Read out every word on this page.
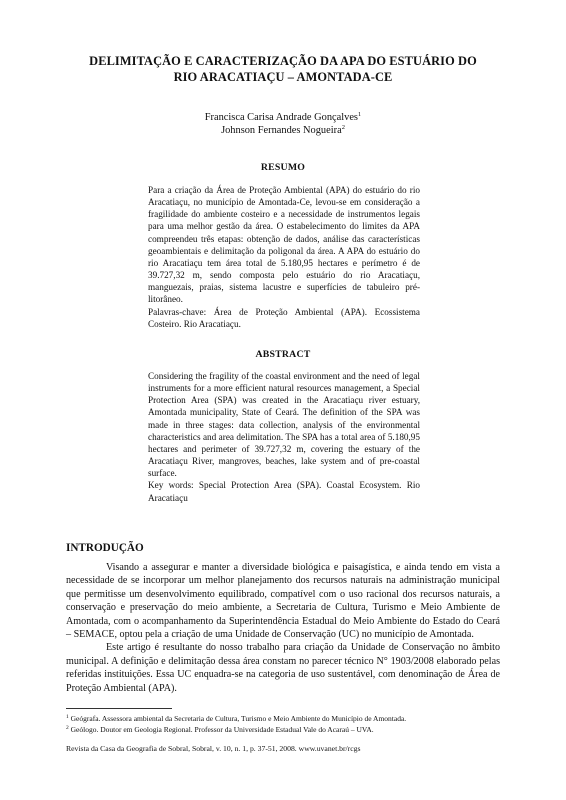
DELIMITAÇÃO E CARACTERIZAÇÃO DA APA DO ESTUÁRIO DO
RIO ARACATIAÇU – AMONTADA-CE
Francisca Carisa Andrade Gonçalves$^1$
Johnson Fernandes Nogueira$^2$
RESUMO

Para a criação da Área de Proteção Ambiental (APA) do estuário do rio Aracatiaçu, no município de Amontada-Ce, levou-se em consideração a fragilidade do ambiente costeiro e a necessidade de instrumentos legais para uma melhor gestão da área. O estabelecimento do limites da APA compreendeu três etapas: obtenção de dados, análise das características geoambientais e delimitação da poligonal da área. A APA do estuário do rio Aracatiaçu tem área total de 5.180,95 hectares e perímetro é de 39.727,32 m, sendo composta pelo estuário do rio Aracatiaçu, manguezais, praias, sistema lacustre e superfícies de tabuleiro pré-litorâneo.

Palavras-chave: Área de Proteção Ambiental (APA). Ecossistema Costeiro. Rio Aracatiaçu.

ABSTRACT

Considering the fragility of the coastal environment and the need of legal instruments for a more efficient natural resources management, a Special Protection Area (SPA) was created in the Aracatiaçu river estuary, Amontada municipality, State of Ceará. The definition of the SPA was made in three stages: data collection, analysis of the environmental characteristics and area delimitation. The SPA has a total area of 5.180,95 hectares and perimeter of 39.727,32 m, covering the estuary of the Aracatiaçu River, mangroves, beaches, lake system and of pre-coastal surface.

Key words: Special Protection Area (SPA). Coastal Ecosystem. Rio Aracatiaçu

INTRODUÇÃO

Visando a assegurar e manter a diversidade biológica e paisagística, e ainda tendo em vista a necessidade de se incorporar um melhor planejamento dos recursos naturais na administração municipal que permitisse um desenvolvimento equilibrado, compatível com o uso racional dos recursos naturais, a conservação e preservação do meio ambiente, a Secretaria de Cultura, Turismo e Meio Ambiente de Amontada, com o acompanhamento da Superintendência Estadual do Meio Ambiente do Estado do Ceará – SEMACE, optou pela a criação de uma Unidade de Conservação (UC) no município de Amontada.

Este artigo é resultante do nosso trabalho para criação da Unidade de Conservação no âmbito municipal. A definição e delimitação dessa área constam no parecer técnico N° 1903/2008 elaborado pelas referidas instituições. Essa UC enquadra-se na categoria de uso sustentável, com denominação de Área de Proteção Ambiental (APA).

$^1$ Geógrafa. Assessora ambiental da Secretaria de Cultura, Turismo e Meio Ambiente do Município de Amontada.
$^2$ Geólogo. Doutor em Geologia Regional. Professor da Universidade Estadual Vale do Acaraú – UVA.
Revista da Casa da Geografia de Sobral, Sobral, v. 10, n. 1, p. 37-51, 2008. www.uvanet.br/rcgs
